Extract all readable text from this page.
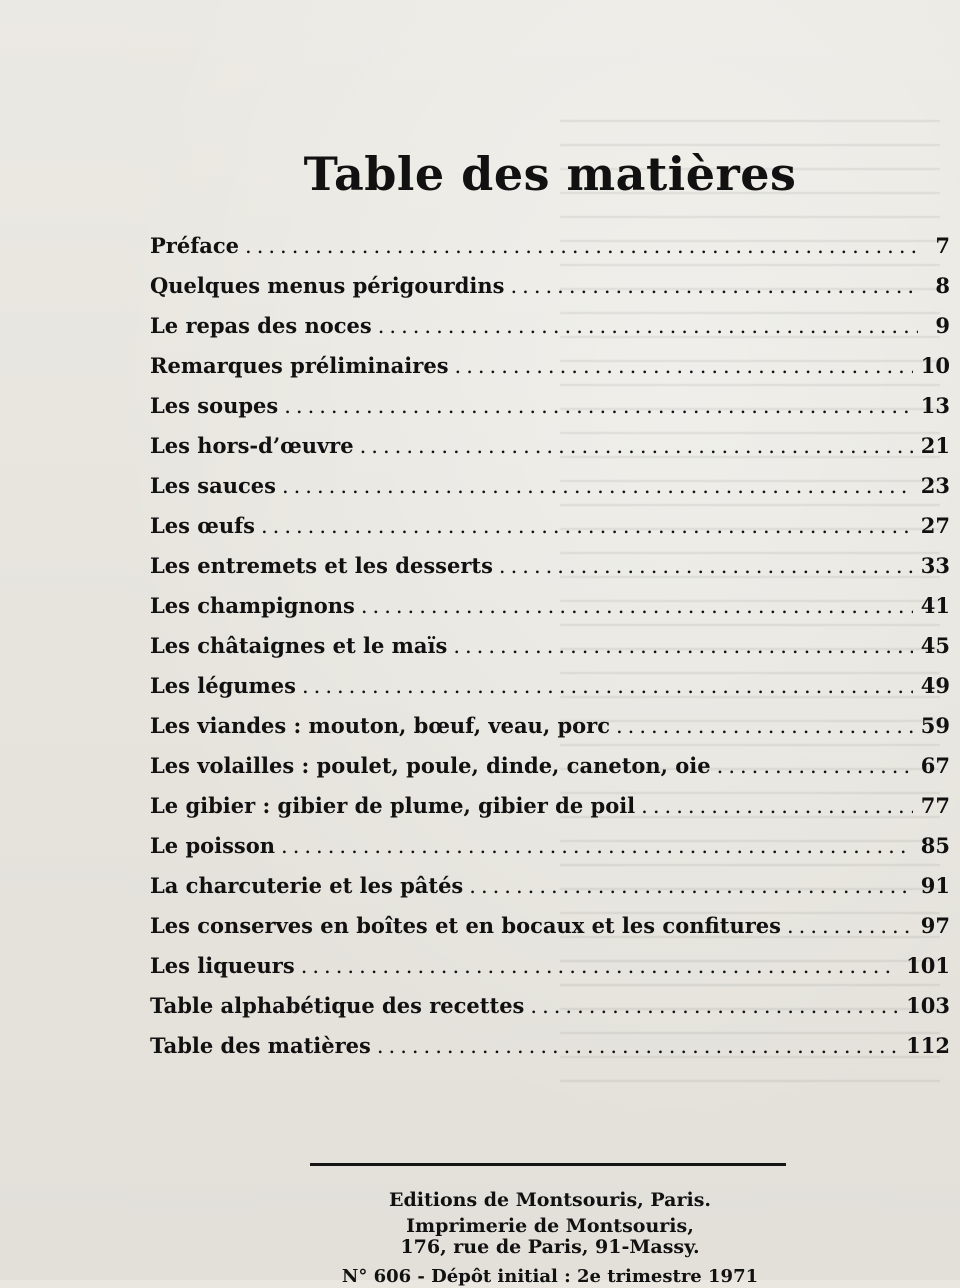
Table des matières
Préface .....	7
Quelques menus périgourdins .....	8
Le repas des noces .....	9
Remarques préliminaires .....	10
Les soupes .....	13
Les hors-d’œuvre .....	21
Les sauces .....	23
Les œufs .....	27
Les entremets et les desserts .....	33
Les champignons .....	41
Les châtaignes et le maïs .....	45
Les légumes .....	49
Les viandes : mouton, bœuf, veau, porc .....	59
Les volailles : poulet, poule, dinde, caneton, oie .....	67
Le gibier : gibier de plume, gibier de poil .....	77
Le poisson .....	85
La charcuterie et les pâtés .....	91
Les conserves en boîtes et en bocaux et les confitures .....	97
Les liqueurs .....	101
Table alphabétique des recettes .....	103
Table des matières .....	112
Editions de Montsouris, Paris.
Imprimerie de Montsouris,
176, rue de Paris, 91-Massy.
N° 606 - Dépôt initial : 2e trimestre 1971
